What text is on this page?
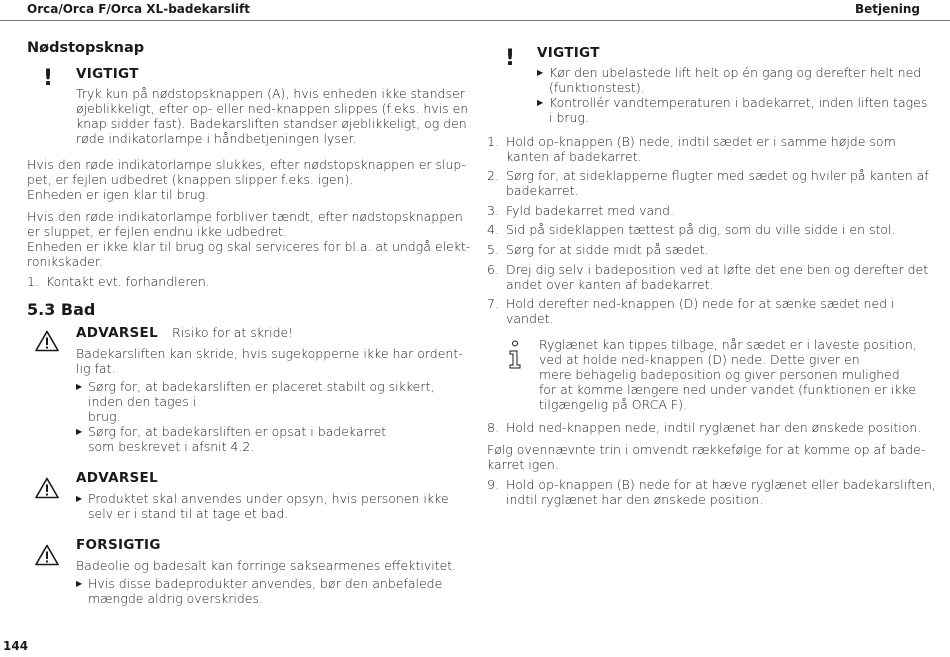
Orca/Orca F/Orca XL-badekarslift	Betjening
Nødstopsknap
! VIGTIGT
Tryk kun på nødstopsknappen (A), hvis enheden ikke standser
øjeblikkeligt, efter op- eller ned-knappen slippes (f.eks. hvis en
knap sidder fast). Badekarsliften standser øjeblikkeligt, og den
røde indikatorlampe i håndbetjeningen lyser.
Hvis den røde indikatorlampe slukkes, efter nødstopsknappen er slup-
pet, er fejlen udbedret (knappen slipper f.eks. igen).
Enheden er igen klar til brug.
Hvis den røde indikatorlampe forbliver tændt, efter nødstopsknappen
er sluppet, er fejlen endnu ikke udbedret.
Enheden er ikke klar til brug og skal serviceres for bl.a. at undgå elekt-
ronikskader.
1. Kontakt evt. forhandleren.
5.3 Bad
ADVARSEL Risiko for at skride!
Badekarsliften kan skride, hvis sugekopperne ikke har ordent-
lig fat.
▶ Sørg for, at badekarsliften er placeret stabilt og sikkert,
inden den tages i
brug.
▶ Sørg for, at badekarsliften er opsat i badekarret
som beskrevet i afsnit 4.2.
ADVARSEL
▶ Produktet skal anvendes under opsyn, hvis personen ikke
selv er i stand til at tage et bad.
FORSIGTIG
Badeolie og badesalt kan forringe saksearmenes effektivitet.
▶ Hvis disse badeprodukter anvendes, bør den anbefalede
mængde aldrig overskrides.
144
! VIGTIGT
▶ Kør den ubelastede lift helt op én gang og derefter helt ned
(funktionstest).
▶ Kontrollér vandtemperaturen i badekarret, inden liften tages
i brug.
1. Hold op-knappen (B) nede, indtil sædet er i samme højde som
kanten af badekarret.
2. Sørg for, at sideklapperne flugter med sædet og hviler på kanten af
badekarret.
3. Fyld badekarret med vand.
4. Sid på sideklappen tættest på dig, som du ville sidde i en stol.
5. Sørg for at sidde midt på sædet.
6. Drej dig selv i badeposition ved at løfte det ene ben og derefter det
andet over kanten af badekarret.
7. Hold derefter ned-knappen (D) nede for at sænke sædet ned i
vandet.
Ryglænet kan tippes tilbage, når sædet er i laveste position,
ved at holde ned-knappen (D) nede. Dette giver en
mere behagelig badeposition og giver personen mulighed
for at komme længere ned under vandet (funktionen er ikke
tilgængelig på ORCA F).
8. Hold ned-knappen nede, indtil ryglænet har den ønskede position.
Følg ovennævnte trin i omvendt rækkefølge for at komme op af bade-
karret igen.
9. Hold op-knappen (B) nede for at hæve ryglænet eller badekarsliften,
indtil ryglænet har den ønskede position.
